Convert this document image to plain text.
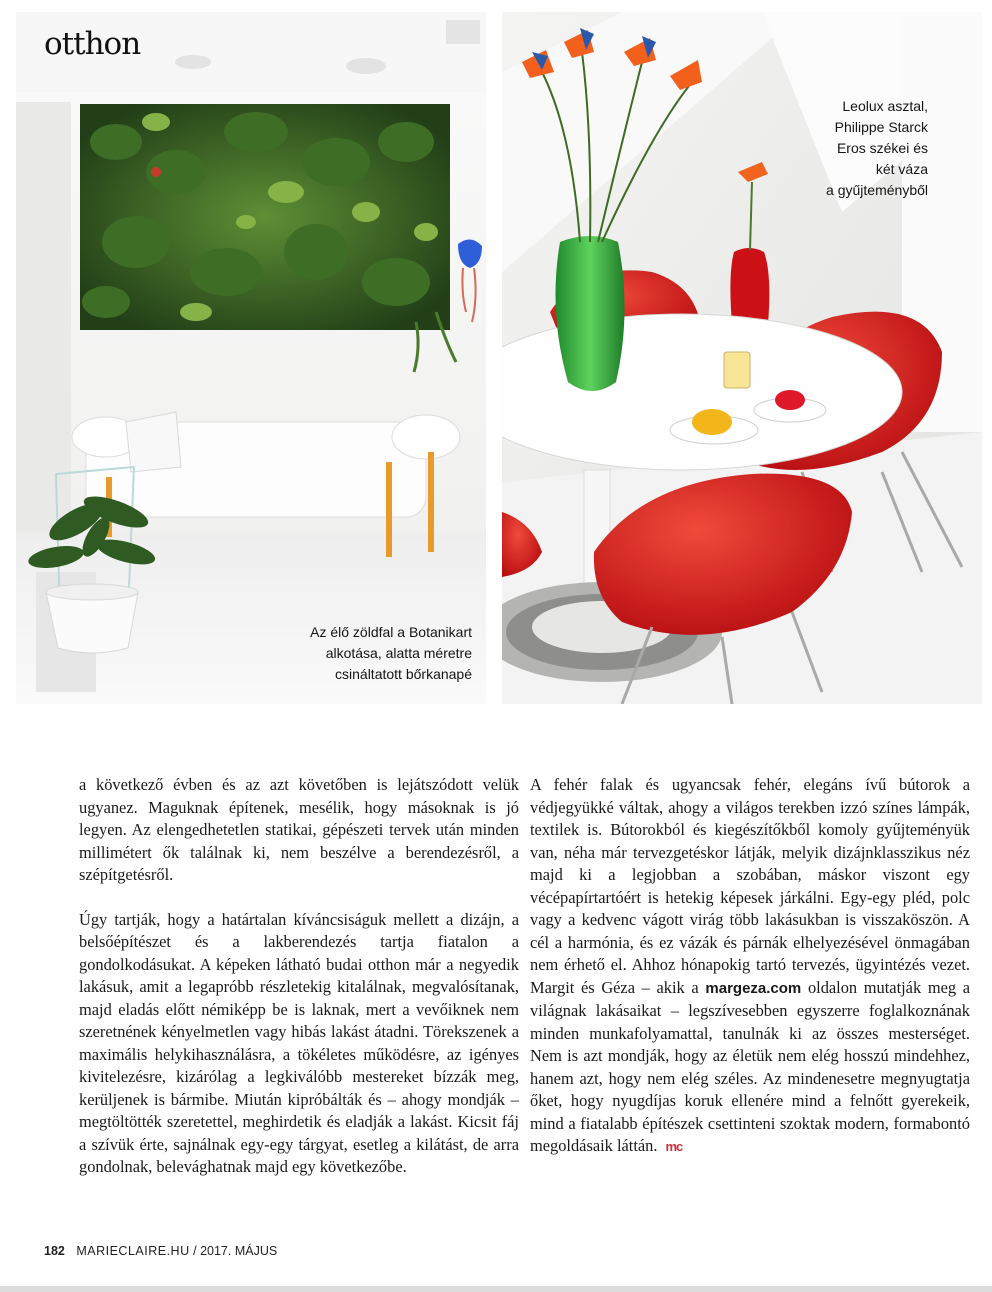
otthon
Az élő zöldfal a Botanikart
alkotása, alatta méretre
csináltatott bőrkanapé
Leolux asztal,
Philippe Starck
Eros székei és
két váza
a gyűjteményből

a következő évben és az azt követőben is lejátszódott velük ugyanez. Maguknak építenek, mesélik, hogy másoknak is jó legyen. Az elengedhetetlen statikai, gépészeti tervek után minden millimétert ők találnak ki, nem beszélve a berendezésről, a szépítgetésről.

Úgy tartják, hogy a határtalan kíváncsiságuk mellett a dizájn, a belsőépítészet és a lakberendezés tartja fiatalon a gondolkodásukat. A képeken látható budai otthon már a negyedik lakásuk, amit a legapróbb részletekig kitalálnak, megvalósítanak, majd eladás előtt némiképp be is laknak, mert a vevőiknek nem szeretnének kényelmetlen vagy hibás lakást átadni. Törekszenek a maximális helykihasználásra, a tökéletes működésre, az igényes kivitelezésre, kizárólag a legkiválóbb mestereket bízzák meg, kerüljenek is bármibe. Miután kipróbálták és – ahogy mondják – megtöltötték szeretettel, meghirdetik és eladják a lakást. Kicsit fáj a szívük érte, sajnálnak egy-egy tárgyat, esetleg a kilátást, de arra gondolnak, belevághatnak majd egy következőbe.

A fehér falak és ugyancsak fehér, elegáns ívű bútorok a védjegyükké váltak, ahogy a világos terekben izzó színes lámpák, textilek is. Bútorokból és kiegészítőkből komoly gyűjteményük van, néha már tervezgetéskor látják, melyik dizájnklasszikus néz majd ki a legjobban a szobában, máskor viszont egy vécépapírtartóért is hetekig képesek járkálni. Egy-egy pléd, polc vagy a kedvenc vágott virág több lakásukban is visszaköszön. A cél a harmónia, és ez vázák és párnák elhelyezésével önmagában nem érhető el. Ahhoz hónapokig tartó tervezés, ügyintézés vezet. Margit és Géza – akik a margeza.com oldalon mutatják meg a világnak lakásaikat – legszívesebben egyszerre foglalkoznának minden munkafolyamattal, tanulnák ki az összes mesterséget. Nem is azt mondják, hogy az életük nem elég hosszú mindehhez, hanem azt, hogy nem elég széles. Az mindenesetre megnyugtatja őket, hogy nyugdíjas koruk ellenére mind a felnőtt gyerekeik, mind a fiatalabb építészek csettinteni szoktak modern, formabontó megoldásaik láttán. mc

182 MARIECLAIRE.HU / 2017. MÁJUS
